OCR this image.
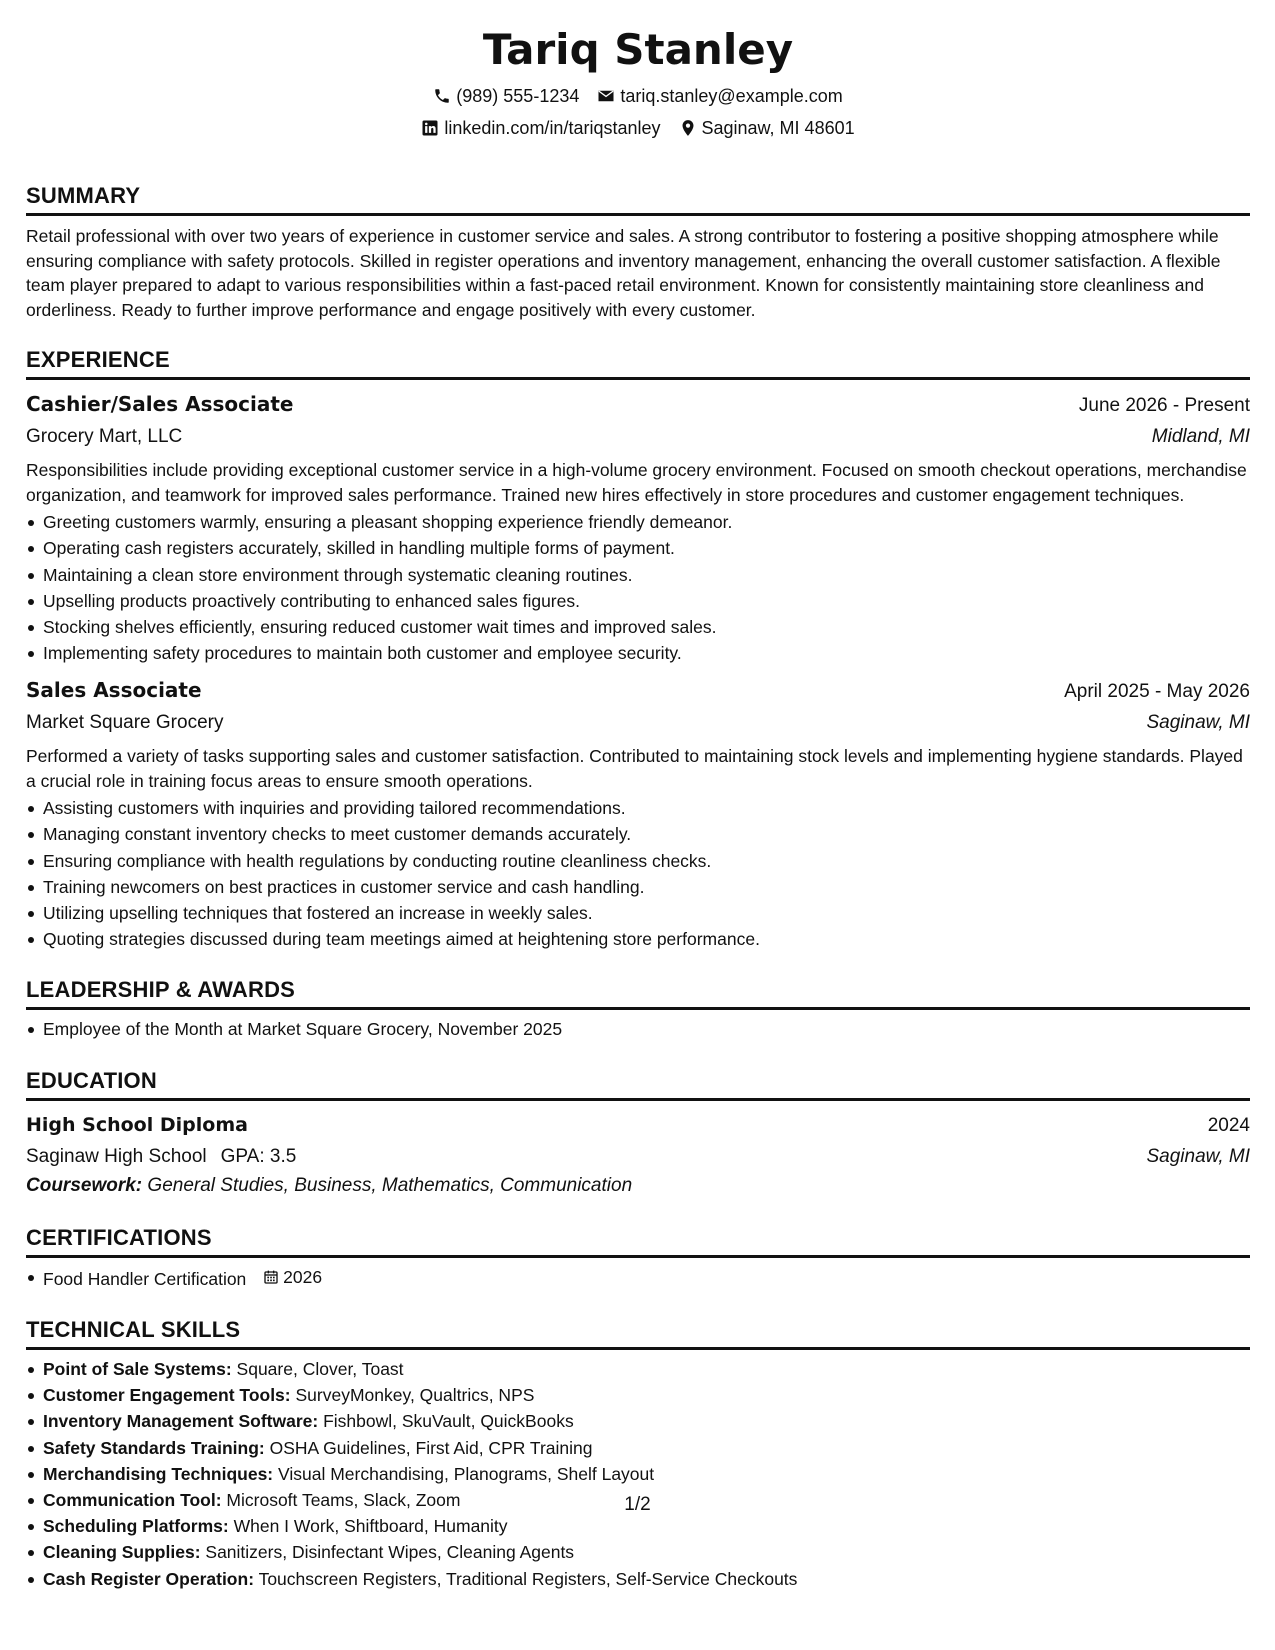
Tariq Stanley
(989) 555-1234 tariq.stanley@example.com
linkedin.com/in/tariqstanley Saginaw, MI 48601
SUMMARY
Retail professional with over two years of experience in customer service and sales. A strong contributor to fostering a positive shopping atmosphere while ensuring compliance with safety protocols. Skilled in register operations and inventory management, enhancing the overall customer satisfaction. A flexible team player prepared to adapt to various responsibilities within a fast-paced retail environment. Known for consistently maintaining store cleanliness and orderliness. Ready to further improve performance and engage positively with every customer.
EXPERIENCE
Cashier/Sales Associate	June 2026 - Present
Grocery Mart, LLC	Midland, MI
Responsibilities include providing exceptional customer service in a high-volume grocery environment. Focused on smooth checkout operations, merchandise organization, and teamwork for improved sales performance. Trained new hires effectively in store procedures and customer engagement techniques.
Greeting customers warmly, ensuring a pleasant shopping experience friendly demeanor.
Operating cash registers accurately, skilled in handling multiple forms of payment.
Maintaining a clean store environment through systematic cleaning routines.
Upselling products proactively contributing to enhanced sales figures.
Stocking shelves efficiently, ensuring reduced customer wait times and improved sales.
Implementing safety procedures to maintain both customer and employee security.
Sales Associate	April 2025 - May 2026
Market Square Grocery	Saginaw, MI
Performed a variety of tasks supporting sales and customer satisfaction. Contributed to maintaining stock levels and implementing hygiene standards. Played a crucial role in training focus areas to ensure smooth operations.
Assisting customers with inquiries and providing tailored recommendations.
Managing constant inventory checks to meet customer demands accurately.
Ensuring compliance with health regulations by conducting routine cleanliness checks.
Training newcomers on best practices in customer service and cash handling.
Utilizing upselling techniques that fostered an increase in weekly sales.
Quoting strategies discussed during team meetings aimed at heightening store performance.
LEADERSHIP & AWARDS
Employee of the Month at Market Square Grocery, November 2025
EDUCATION
High School Diploma	2024
Saginaw High School GPA: 3.5	Saginaw, MI
Coursework: General Studies, Business, Mathematics, Communication
CERTIFICATIONS
Food Handler Certification 2026
TECHNICAL SKILLS
Point of Sale Systems: Square, Clover, Toast
Customer Engagement Tools: SurveyMonkey, Qualtrics, NPS
Inventory Management Software: Fishbowl, SkuVault, QuickBooks
Safety Standards Training: OSHA Guidelines, First Aid, CPR Training
Merchandising Techniques: Visual Merchandising, Planograms, Shelf Layout
Communication Tool: Microsoft Teams, Slack, Zoom
Scheduling Platforms: When I Work, Shiftboard, Humanity
Cleaning Supplies: Sanitizers, Disinfectant Wipes, Cleaning Agents
Cash Register Operation: Touchscreen Registers, Traditional Registers, Self-Service Checkouts
1/2
